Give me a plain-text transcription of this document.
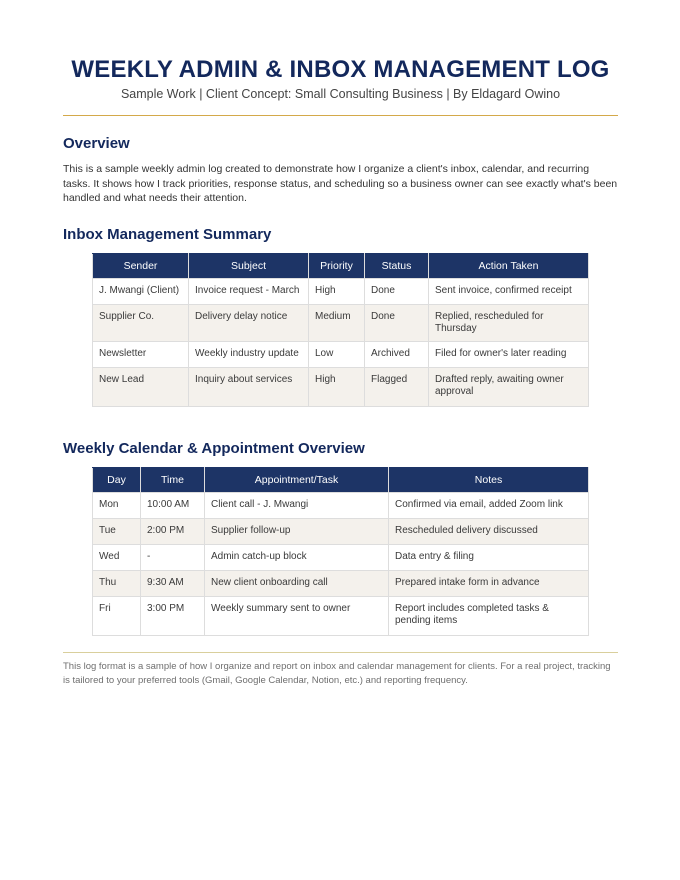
WEEKLY ADMIN & INBOX MANAGEMENT LOG
Sample Work | Client Concept: Small Consulting Business | By Eldagard Owino
Overview
This is a sample weekly admin log created to demonstrate how I organize a client's inbox, calendar, and recurring tasks. It shows how I track priorities, response status, and scheduling so a business owner can see exactly what's been handled and what needs their attention.
Inbox Management Summary
Sender	Subject	Priority	Status	Action Taken
J. Mwangi (Client)	Invoice request - March	High	Done	Sent invoice, confirmed receipt
Supplier Co.	Delivery delay notice	Medium	Done	Replied, rescheduled for Thursday
Newsletter	Weekly industry update	Low	Archived	Filed for owner's later reading
New Lead	Inquiry about services	High	Flagged	Drafted reply, awaiting owner approval
Weekly Calendar & Appointment Overview
Day	Time	Appointment/Task	Notes
Mon	10:00 AM	Client call - J. Mwangi	Confirmed via email, added Zoom link
Tue	2:00 PM	Supplier follow-up	Rescheduled delivery discussed
Wed	-	Admin catch-up block	Data entry & filing
Thu	9:30 AM	New client onboarding call	Prepared intake form in advance
Fri	3:00 PM	Weekly summary sent to owner	Report includes completed tasks & pending items
This log format is a sample of how I organize and report on inbox and calendar management for clients. For a real project, tracking is tailored to your preferred tools (Gmail, Google Calendar, Notion, etc.) and reporting frequency.
